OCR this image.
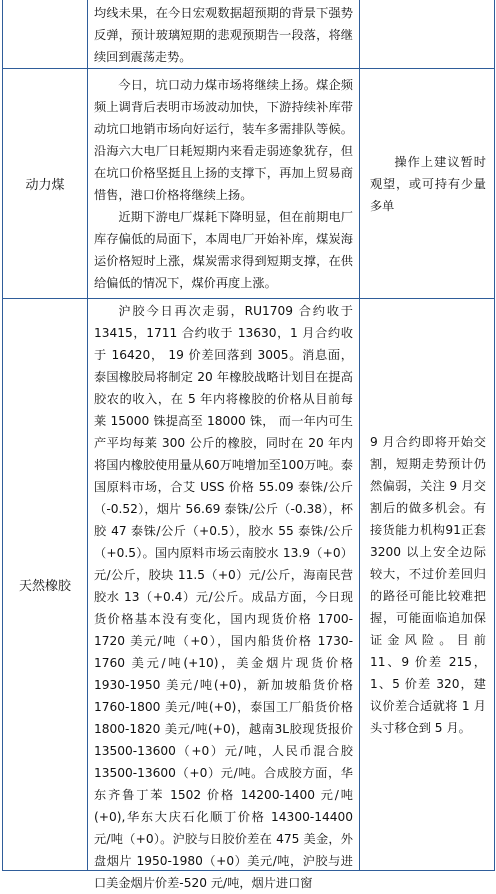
	均线未果，在今日宏观数据超预期的背景下强势反弹，预计玻璃短期的悲观预期告一段落，将继续回到震荡走势。	

动力煤	今日，坑口动力煤市场将继续上扬。煤企频频上调背后表明市场波动加快，下游持续补库带动坑口地销市场向好运行，装车多需排队等候。沿海六大电厂日耗短期内来看走弱迹象犹存，但在坑口价格坚挺且上扬的支撑下，再加上贸易商惜售，港口价格将继续上扬。

近期下游电厂煤耗下降明显，但在前期电厂库存偏低的局面下，本周电厂开始补库，煤炭海运价格短时上涨，煤炭需求得到短期支撑，在供给偏低的情况下，煤价再度上涨。	操作上建议暂时观望，或可持有少量多单

天然橡胶	沪胶今日再次走弱，RU1709 合约收于 13415，1711 合约收于 13630，1 月合约收于 16420， 19 价差回落到 3005。消息面，泰国橡胶局将制定 20 年橡胶战略计划目在提高胶农的收入，在 5 年内将橡胶的价格从目前每莱 15000 铢提高至 18000 铢， 而一年内可生产平均每莱 300 公斤的橡胶，同时在 20 年内将国内橡胶使用量从60万吨增加至100万吨。泰国原料市场，合艾 USS 价格 55.09 泰铢/公斤（-0.52），烟片 56.69 泰铢/公斤（-0.38），杯胶 47 泰铢/公斤（+0.5），胶水 55 泰铢/公斤（+0.5）。国内原料市场云南胶水 13.9（+0）元/公斤，胶块 11.5（+0）元/公斤，海南民营胶水 13（+0.4）元/公斤。成品方面，今日现货价格基本没有变化，国内现货价格 1700-1720 美元/吨（+0），国内船货价格 1730-1760 美元/吨(+10)，美金烟片现货价格 1930-1950 美元/吨(+0)，新加坡船货价格 1760-1800 美元/吨(+0)，泰国工厂船货价格 1800-1820 美元/吨(+0)，越南3L胶现货报价 13500-13600（+0）元/吨，人民币混合胶 13500-13600（+0）元/吨。合成胶方面，华东齐鲁丁苯 1502 价格 14200-1400 元/吨(+0),华东大庆石化顺丁价格 14300-14400 元/吨（+0）。沪胶与日胶价差在 475 美金，外盘烟片 1950-1980（+0）美元/吨，沪胶与进口美金烟片价差-520 元/吨，烟片进口窗	9 月合约即将开始交割，短期走势预计仍然偏弱，关注 9 月交割后的做多机会。有接货能力机构91正套3200 以上安全边际较大，不过价差回归的路径可能比较难把握，可能面临追加保证金风险。目前 11、9 价差 215，1、5 价差 320，建议价差合适就将 1 月头寸移仓到 5 月。
